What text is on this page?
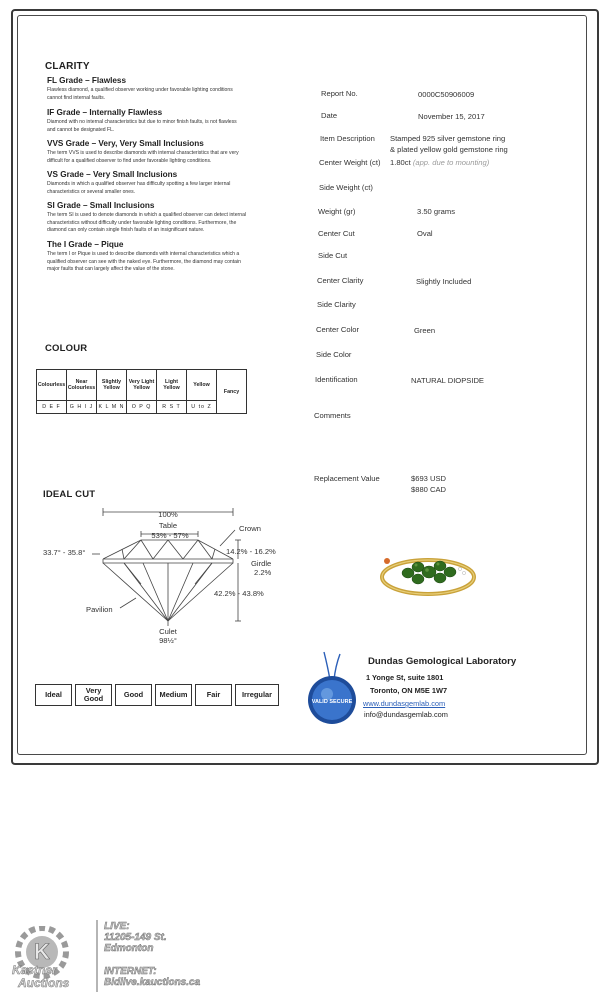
CLARITY
FL Grade – Flawless
Flawless diamond, a qualified observer working under favorable lighting conditions
cannot find internal faults.
IF Grade – Internally Flawless
Diamond with no internal characteristics but due to minor finish faults, is not flawless
and cannot be designated FL.
VVS Grade – Very, Very Small Inclusions
The term VVS is used to describe diamonds with internal characteristics that are very
difficult for a qualified observer to find under favorable lighting conditions.
VS Grade – Very Small Inclusions
Diamonds in which a qualified observer has difficulty spotting a few larger internal
characteristics or several smaller ones.
SI Grade – Small Inclusions
The term SI is used to denote diamonds in which a qualified observer can detect internal
characteristics without difficulty under favorable lighting conditions. Furthermore, the
diamond can only contain single finish faults of an insignificant nature.
The I Grade – Pique
The term I or Pique is used to describe diamonds with internal characteristics which a
qualified observer can see with the naked eye. Furthermore, the diamond may contain
major faults that can largely affect the value of the stone.
Report No.	0000C50906009
Date	November 15, 2017
Item Description Stamped 925 silver gemstone ring
& plated yellow gold gemstone ring
Center Weight (ct) 1.80ct (app. due to mounting)
Side Weight (ct)
Weight (gr)	3.50 grams
Center Cut	Oval
Side Cut
Center Clarity	Slightly Included
Side Clarity
Center Color	Green
Side Color
Identification	NATURAL DIOPSIDE
Comments
Replacement Value	$693 USD
$880 CAD
COLOUR
Colourless	Near Colourless	Slightly Yellow	Very Light Yellow	Light Yellow	Yellow	Fancy
D E F	G H I J	K L M N	O P Q	R S T	U to Z	
IDEAL CUT
100%
Table
53% - 57%
Crown
33.7° - 35.8°	14.2% - 16.2%
Girdle
2.2%
42.2% - 43.8%
Pavilion
Culet
98½°
Ideal	Very Good	Good	Medium	Fair	Irregular
VALID SECURE
Dundas Gemological Laboratory
1 Yonge St, suite 1801
Toronto, ON M5E 1W7
www.dundasgemlab.com
info@dundasgemlab.com
K
Kastner
Auctions
LIVE:
11205-149 St.
Edmonton
INTERNET:
Bidlive.kauctions.ca
